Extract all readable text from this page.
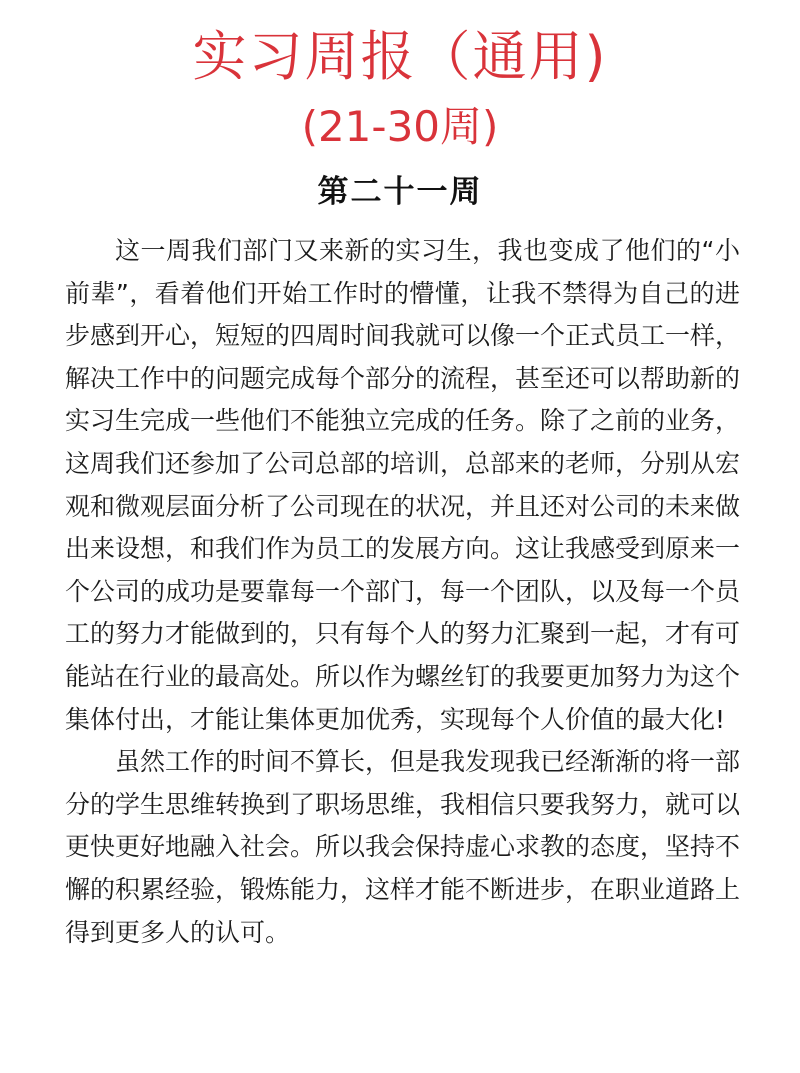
实习周报（通用)
(21-30周)
第二十一周

这一周我们部门又来新的实习生，我也变成了他们的“小前辈”，看着他们开始工作时的懵懂，让我不禁得为自己的进步感到开心，短短的四周时间我就可以像一个正式员工一样，解决工作中的问题完成每个部分的流程，甚至还可以帮助新的实习生完成一些他们不能独立完成的任务。除了之前的业务，这周我们还参加了公司总部的培训，总部来的老师，分别从宏观和微观层面分析了公司现在的状况，并且还对公司的未来做出来设想，和我们作为员工的发展方向。这让我感受到原来一个公司的成功是要靠每一个部门，每一个团队，以及每一个员工的努力才能做到的，只有每个人的努力汇聚到一起，才有可能站在行业的最高处。所以作为螺丝钉的我要更加努力为这个集体付出，才能让集体更加优秀，实现每个人价值的最大化!

虽然工作的时间不算长，但是我发现我已经渐渐的将一部分的学生思维转换到了职场思维，我相信只要我努力，就可以更快更好地融入社会。所以我会保持虚心求教的态度，坚持不懈的积累经验，锻炼能力，这样才能不断进步，在职业道路上得到更多人的认可。
